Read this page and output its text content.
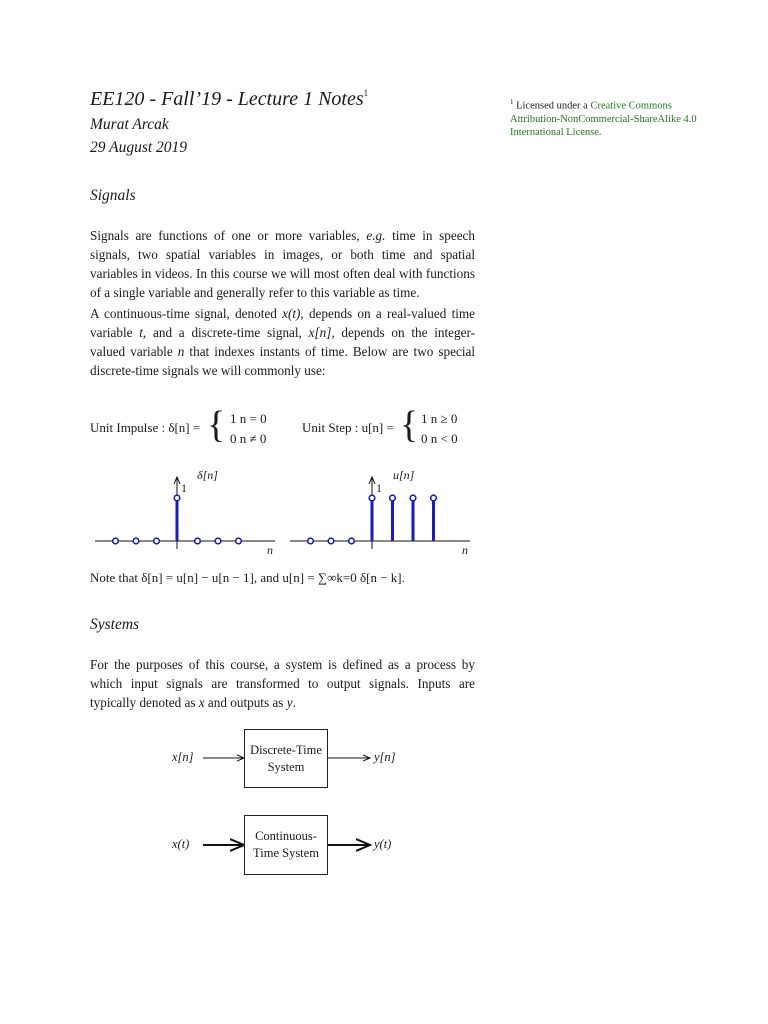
EE120 - Fall’19 - Lecture 1 Notes$^1$
Murat Arcak
29 August 2019
$^1$ Licensed under a Creative Commons Attribution-NonCommercial-ShareAlike 4.0 International License.
Signals
Signals are functions of one or more variables, e.g. time in speech signals, two spatial variables in images, or both time and spatial variables in videos. In this course we will most often deal with functions of a single variable and generally refer to this variable as time.
A continuous-time signal, denoted x(t), depends on a real-valued time variable t, and a discrete-time signal, x[n], depends on the integer-valued variable n that indexes instants of time. Below are two special discrete-time signals we will commonly use:
Unit Impulse : δ[n] = { 1 n = 0
0 n ≠ 0
Unit Step : u[n] = { 1 n ≥ 0
0 n < 0
δ[n]
1
n
u[n]
1
n
Note that δ[n] = u[n] − u[n − 1], and u[n] = ∑∞k=0 δ[n − k].
Systems
For the purposes of this course, a system is defined as a process by which input signals are transformed to output signals. Inputs are typically denoted as x and outputs as y.
x[n]
Discrete-Time
System
y[n]
x(t)
Continuous-
Time System
y(t)
